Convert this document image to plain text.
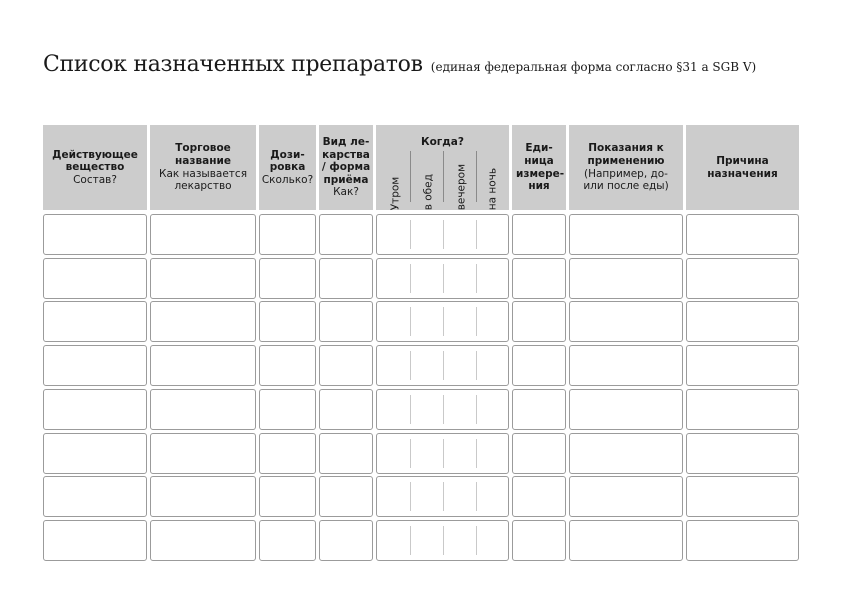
Список назначенных препаратов (единая федеральная форма согласно §31 a SGB V)
Действующее вещество
Состав?
Торговое название
Как называется лекарство
Дози-ровка
Сколько?
Вид ле-карства / форма приёма
Как?
Когда?
Утром в обед вечером на ночь
Еди-ница измере-ния
Показания к применению
(Например, до- или после еды)
Причина назначения
